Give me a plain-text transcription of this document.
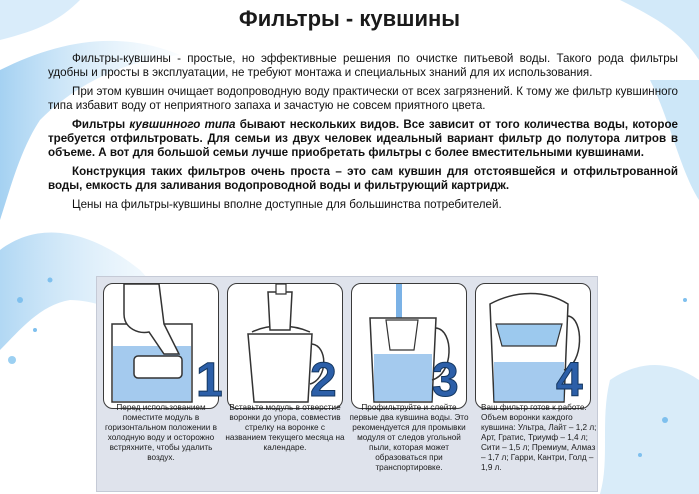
Фильтры - кувшины

Фильтры-кувшины - простые, но эффективные решения по очистке питьевой воды. Такого рода фильтры удобны и просты в эксплуатации, не требуют монтажа и специальных знаний для их использования.

При этом кувшин очищает водопроводную воду практически от всех загрязнений. К тому же фильтр кувшинного типа избавит воду от неприятного запаха и зачастую не совсем приятного цвета.

Фильтры кувшинного типа бывают нескольких видов. Все зависит от того количества воды, которое требуется отфильтровать. Для семьи из двух человек идеальный вариант фильтр до полутора литров в объеме. А вот для большой семьи лучше приобретать фильтры с более вместительными кувшинами.

Конструкция таких фильтров очень проста – это сам кувшин для отстоявшейся и отфильтрованной воды, емкость для заливания водопроводной воды и фильтрующий картридж.

Цены на фильтры-кувшины вполне доступные для большинства потребителей.

1
Перед использованием поместите модуль в горизонтальном положении в холодную воду и осторожно встряхните, чтобы удалить воздух.
2
Вставьте модуль в отверстие воронки до упора, совместив стрелку на воронке с названием текущего месяца на календаре.
3
Профильтруйте и слейте первые два кувшина воды. Это рекомендуется для промывки модуля от следов угольной пыли, которая может образоваться при транспортировке.
4
Ваш фильтр готов к работе. Объем воронки каждого кувшина: Ультра, Лайт – 1,2 л; Арт, Гратис, Триумф – 1,4 л; Сити – 1,5 л; Премиум, Алмаз – 1,7 л; Гарри, Кантри, Голд – 1,9 л.
